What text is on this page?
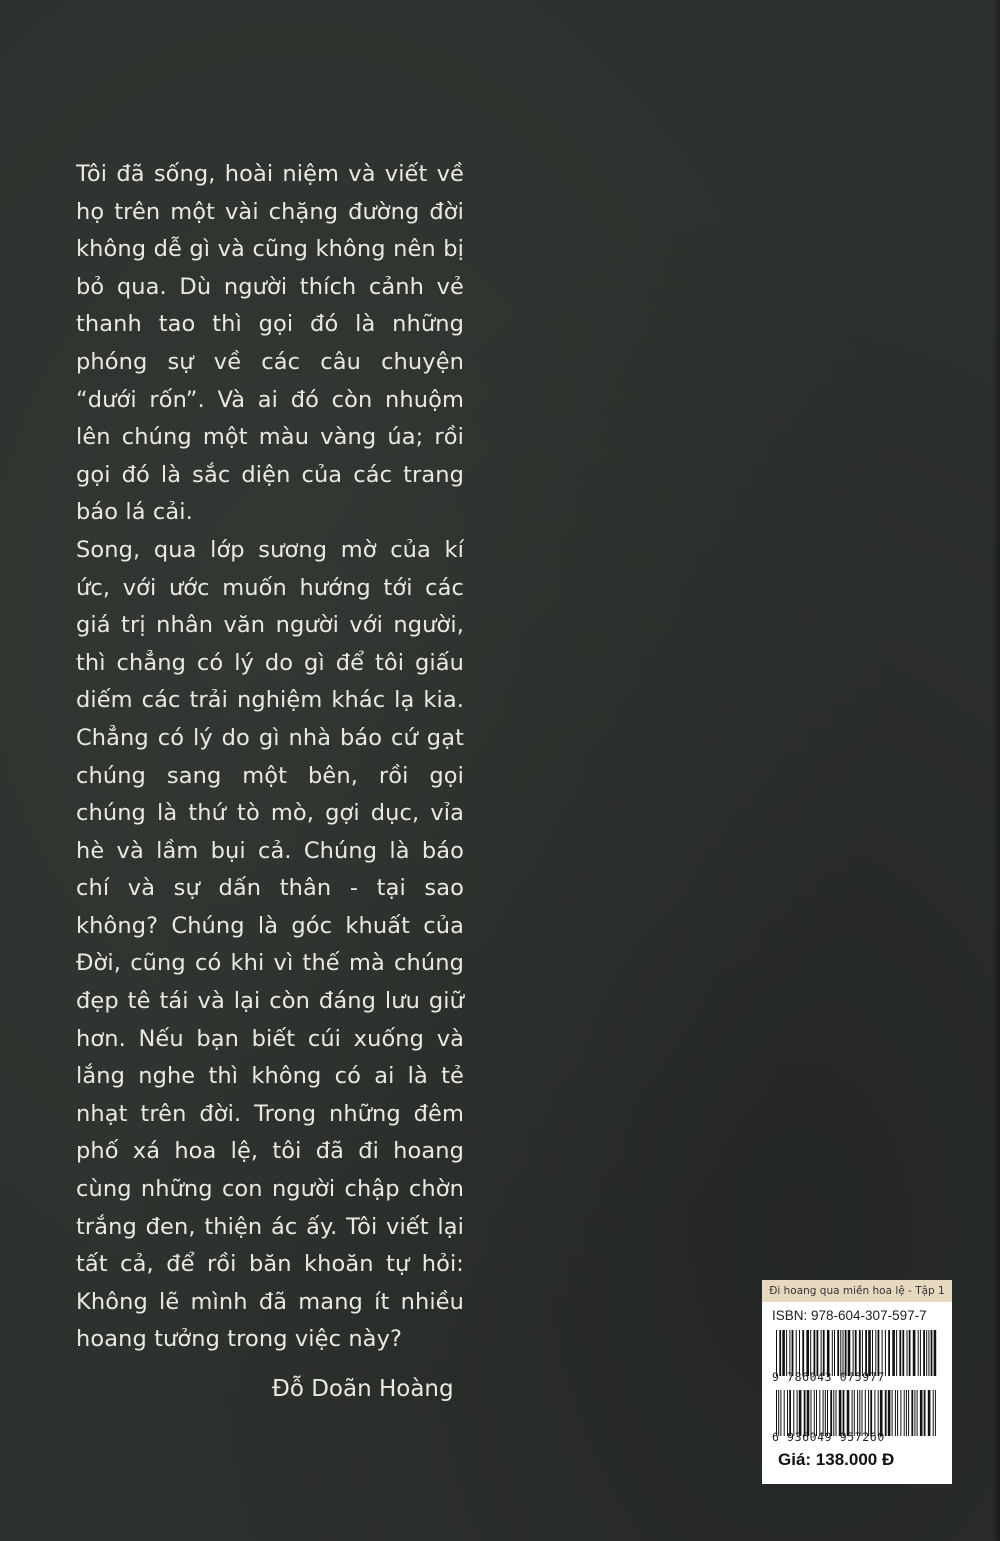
Tôi đã sống, hoài niệm và viết về họ trên một vài chặng đường đời không dễ gì và cũng không nên bị bỏ qua. Dù người thích cảnh vẻ thanh tao thì gọi đó là những phóng sự về các câu chuyện “dưới rốn”. Và ai đó còn nhuộm lên chúng một màu vàng úa; rồi gọi đó là sắc diện của các trang báo lá cải.

Song, qua lớp sương mờ của kí ức, với ước muốn hướng tới các giá trị nhân văn người với người, thì chẳng có lý do gì để tôi giấu diếm các trải nghiệm khác lạ kia. Chẳng có lý do gì nhà báo cứ gạt chúng sang một bên, rồi gọi chúng là thứ tò mò, gợi dục, vỉa hè và lầm bụi cả. Chúng là báo chí và sự dấn thân - tại sao không? Chúng là góc khuất của Đời, cũng có khi vì thế mà chúng đẹp tê tái và lại còn đáng lưu giữ hơn. Nếu bạn biết cúi xuống và lắng nghe thì không có ai là tẻ nhạt trên đời. Trong những đêm phố xá hoa lệ, tôi đã đi hoang cùng những con người chập chờn trắng đen, thiện ác ấy. Tôi viết lại tất cả, để rồi băn khoăn tự hỏi: Không lẽ mình đã mang ít nhiều hoang tưởng trong việc này?

Đỗ Doãn Hoàng
Đi hoang qua miền hoa lệ - Tập 1
ISBN: 978-604-307-597-7
9 786043 075977
6 936049 957260
Giá: 138.000 Đ
